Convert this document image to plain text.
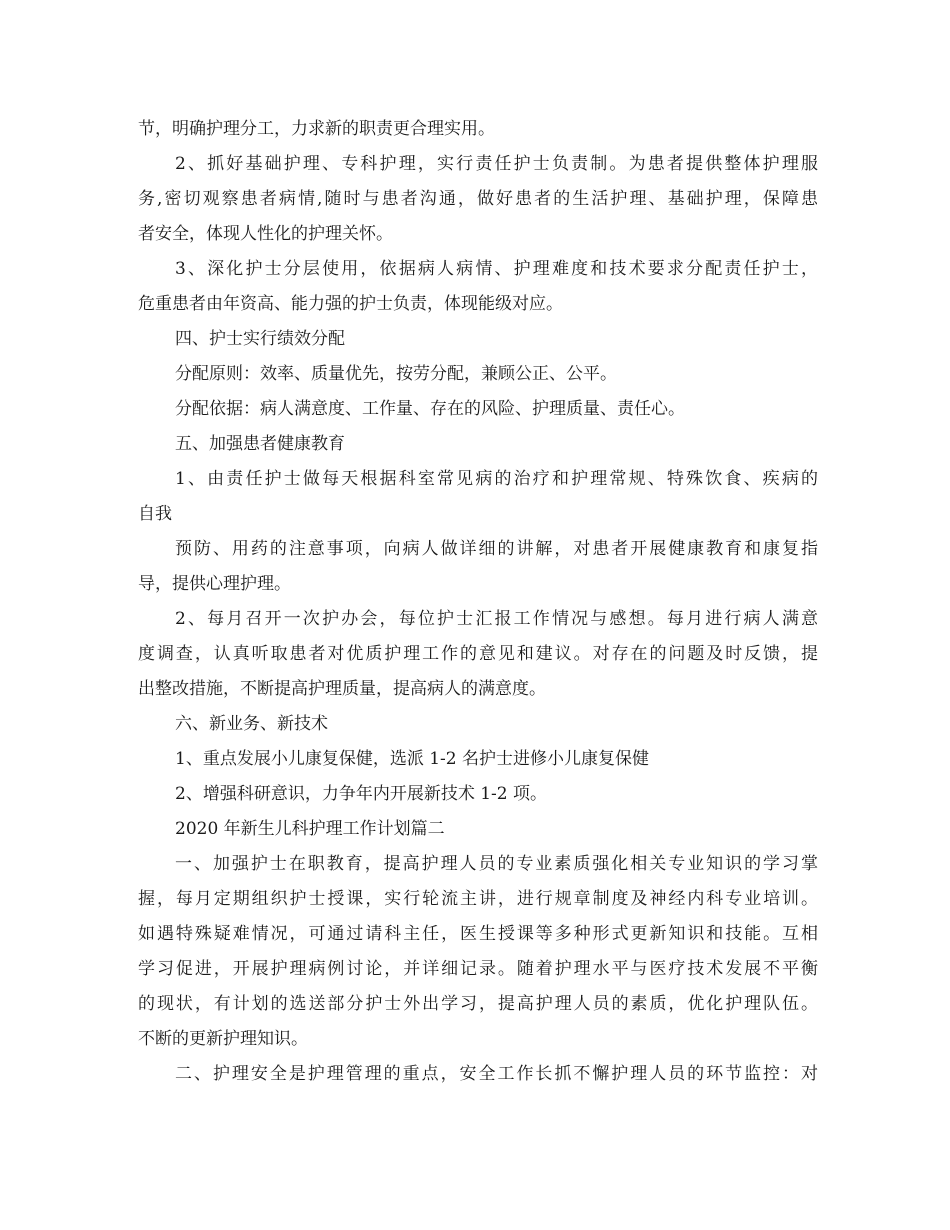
节，明确护理分工，力求新的职责更合理实用。
2、抓好基础护理、专科护理，实行责任护士负责制。为患者提供整体护理服
务,密切观察患者病情,随时与患者沟通，做好患者的生活护理、基础护理，保障患
者安全，体现人性化的护理关怀。
3、深化护士分层使用，依据病人病情、护理难度和技术要求分配责任护士，
危重患者由年资高、能力强的护士负责，体现能级对应。
四、护士实行绩效分配
分配原则：效率、质量优先，按劳分配，兼顾公正、公平。
分配依据：病人满意度、工作量、存在的风险、护理质量、责任心。
五、加强患者健康教育
1、由责任护士做每天根据科室常见病的治疗和护理常规、特殊饮食、疾病的
自我
预防、用药的注意事项，向病人做详细的讲解，对患者开展健康教育和康复指
导，提供心理护理。
2、每月召开一次护办会，每位护士汇报工作情况与感想。每月进行病人满意
度调查，认真听取患者对优质护理工作的意见和建议。对存在的问题及时反馈，提
出整改措施，不断提高护理质量，提高病人的满意度。
六、新业务、新技术
1、重点发展小儿康复保健，选派 1-2 名护士进修小儿康复保健
2、增强科研意识，力争年内开展新技术 1-2 项。
2020 年新生儿科护理工作计划篇二
一、加强护士在职教育，提高护理人员的专业素质强化相关专业知识的学习掌
握，每月定期组织护士授课，实行轮流主讲，进行规章制度及神经内科专业培训。
如遇特殊疑难情况，可通过请科主任，医生授课等多种形式更新知识和技能。互相
学习促进，开展护理病例讨论，并详细记录。随着护理水平与医疗技术发展不平衡
的现状，有计划的选送部分护士外出学习，提高护理人员的素质，优化护理队伍。
不断的更新护理知识。
二、护理安全是护理管理的重点，安全工作长抓不懈护理人员的环节监控：对
